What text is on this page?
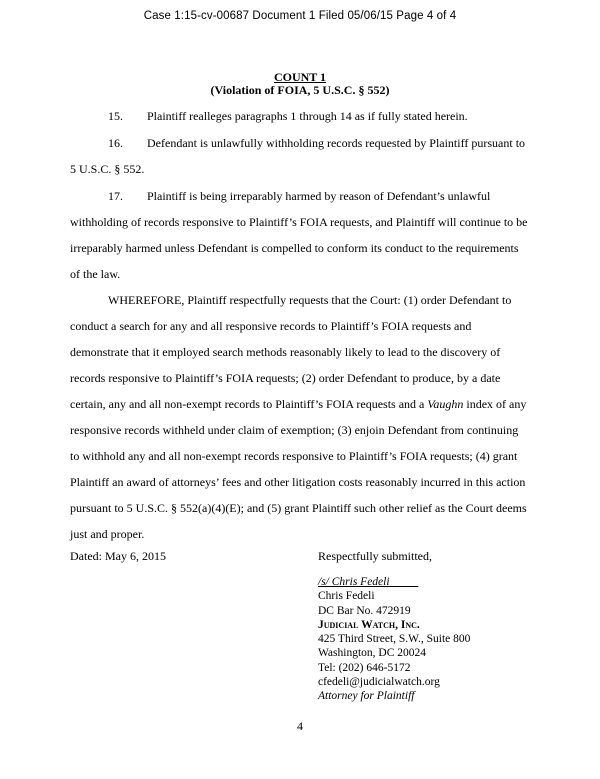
Case 1:15-cv-00687 Document 1 Filed 05/06/15 Page 4 of 4
COUNT 1
(Violation of FOIA, 5 U.S.C. § 552)

15.        Plaintiff realleges paragraphs 1 through 14 as if fully stated herein.

16.        Defendant is unlawfully withholding records requested by Plaintiff pursuant to 5 U.S.C. § 552.

17.        Plaintiff is being irreparably harmed by reason of Defendant’s unlawful withholding of records responsive to Plaintiff’s FOIA requests, and Plaintiff will continue to be irreparably harmed unless Defendant is compelled to conform its conduct to the requirements of the law.

WHEREFORE, Plaintiff respectfully requests that the Court: (1) order Defendant to conduct a search for any and all responsive records to Plaintiff’s FOIA requests and demonstrate that it employed search methods reasonably likely to lead to the discovery of records responsive to Plaintiff’s FOIA requests; (2) order Defendant to produce, by a date certain, any and all non-exempt records to Plaintiff’s FOIA requests and a Vaughn index of any responsive records withheld under claim of exemption; (3) enjoin Defendant from continuing to withhold any and all non-exempt records responsive to Plaintiff’s FOIA requests; (4) grant Plaintiff an award of attorneys’ fees and other litigation costs reasonably incurred in this action pursuant to 5 U.S.C. § 552(a)(4)(E); and (5) grant Plaintiff such other relief as the Court deems just and proper.

Dated: May 6, 2015	Respectfully submitted,
/s/ Chris Fedeli
Chris Fedeli
DC Bar No. 472919
Judicial Watch, Inc.
425 Third Street, S.W., Suite 800
Washington, DC 20024
Tel: (202) 646-5172
cfedeli@judicialwatch.org
Attorney for Plaintiff
4
